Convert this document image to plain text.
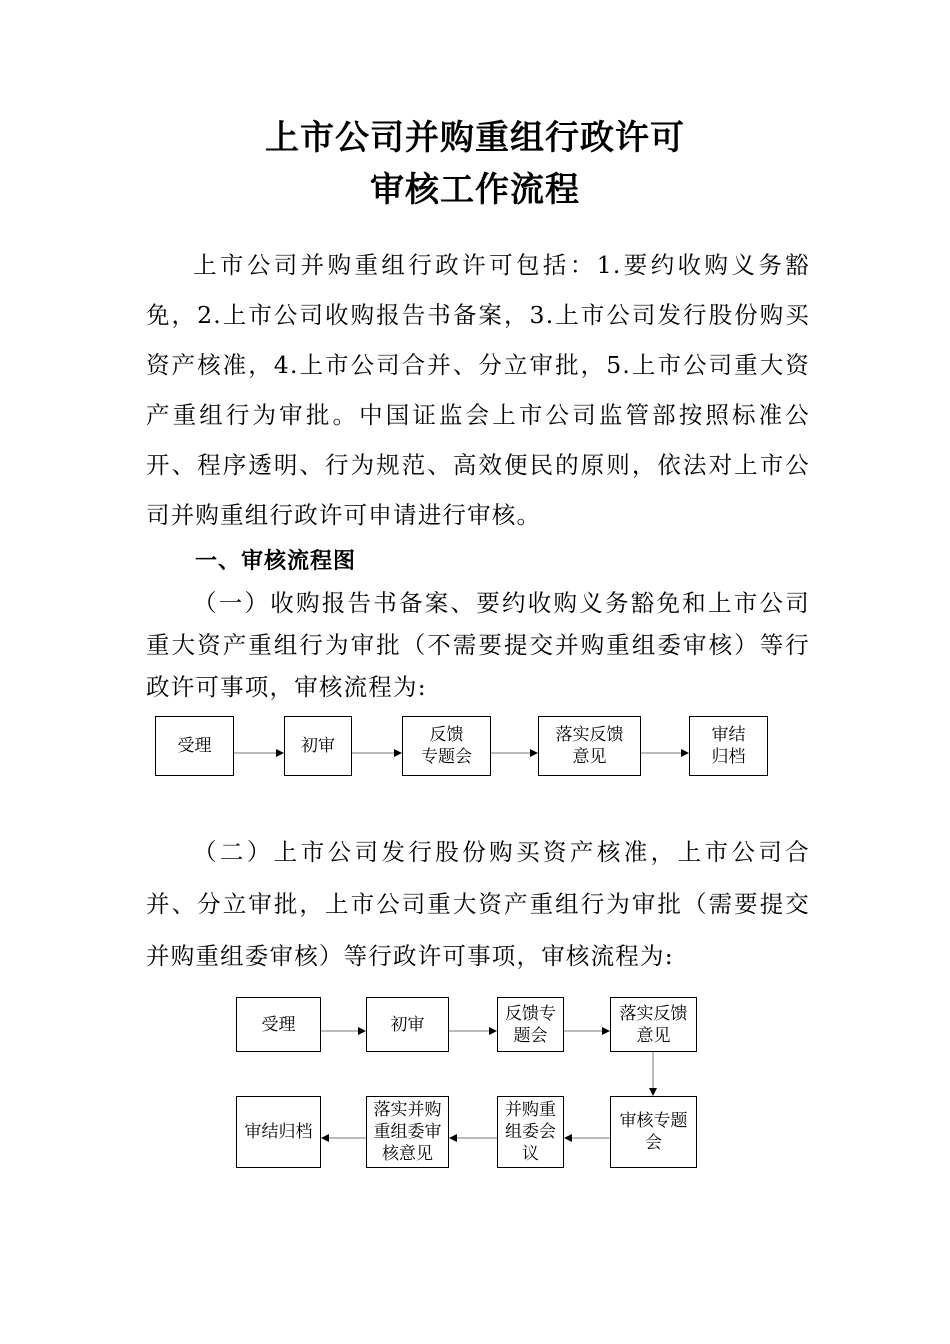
上市公司并购重组行政许可
审核工作流程

上市公司并购重组行政许可包括：1.要约收购义务豁免，2.上市公司收购报告书备案，3.上市公司发行股份购买资产核准，4.上市公司合并、分立审批，5.上市公司重大资产重组行为审批。中国证监会上市公司监管部按照标准公开、程序透明、行为规范、高效便民的原则，依法对上市公司并购重组行政许可申请进行审核。

一、审核流程图

（一）收购报告书备案、要约收购义务豁免和上市公司重大资产重组行为审批（不需要提交并购重组委审核）等行政许可事项，审核流程为:

受理	初审
反馈
专题会
落实反馈
意见
审结
归档

（二）上市公司发行股份购买资产核准，上市公司合并、分立审批，上市公司重大资产重组行为审批（需要提交并购重组委审核）等行政许可事项，审核流程为:

受理	初审
反馈专
题会
落实反馈
意见
审核专题
会
并购重
组委会
议
落实并购
重组委审
核意见
审结归档
